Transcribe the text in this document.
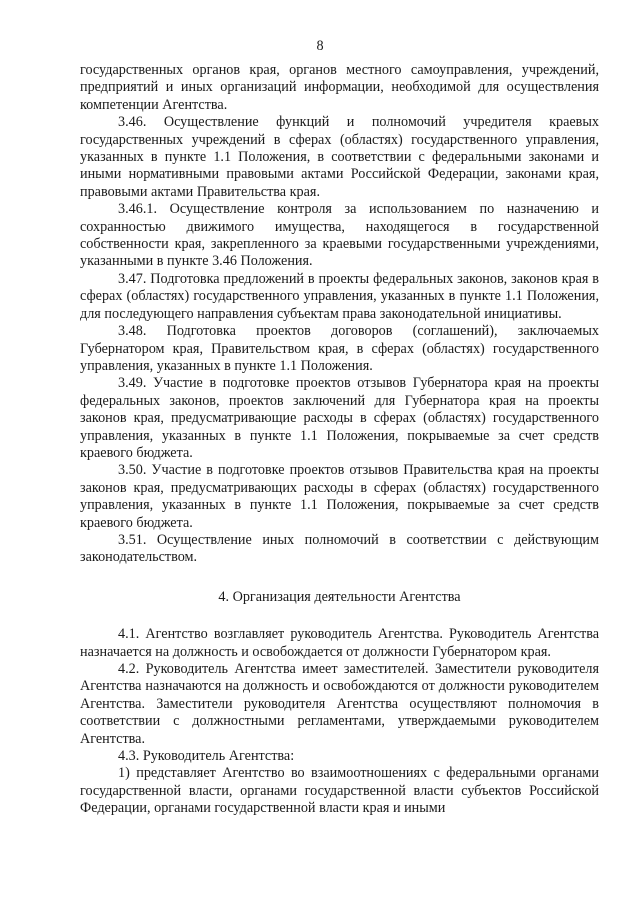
8

государственных органов края, органов местного самоуправления, учреждений, предприятий и иных организаций информации, необходимой для осуществления компетенции Агентства.

3.46. Осуществление функций и полномочий учредителя краевых государственных учреждений в сферах (областях) государственного управления, указанных в пункте 1.1 Положения, в соответствии с федеральными законами и иными нормативными правовыми актами Российской Федерации, законами края, правовыми актами Правительства края.

3.46.1. Осуществление контроля за использованием по назначению и сохранностью движимого имущества, находящегося в государственной собственности края, закрепленного за краевыми государственными учреждениями, указанными в пункте 3.46 Положения.

3.47. Подготовка предложений в проекты федеральных законов, законов края в сферах (областях) государственного управления, указанных в пункте 1.1 Положения, для последующего направления субъектам права законодательной инициативы.

3.48. Подготовка проектов договоров (соглашений), заключаемых Губернатором края, Правительством края, в сферах (областях) государственного управления, указанных в пункте 1.1 Положения.

3.49. Участие в подготовке проектов отзывов Губернатора края на проекты федеральных законов, проектов заключений для Губернатора края на проекты законов края, предусматривающие расходы в сферах (областях) государственного управления, указанных в пункте 1.1 Положения, покрываемые за счет средств краевого бюджета.

3.50. Участие в подготовке проектов отзывов Правительства края на проекты законов края, предусматривающих расходы в сферах (областях) государственного управления, указанных в пункте 1.1 Положения, покрываемые за счет средств краевого бюджета.

3.51. Осуществление иных полномочий в соответствии с действующим законодательством.

4. Организация деятельности Агентства

4.1. Агентство возглавляет руководитель Агентства. Руководитель Агентства назначается на должность и освобождается от должности Губернатором края.

4.2. Руководитель Агентства имеет заместителей. Заместители руководителя Агентства назначаются на должность и освобождаются от должности руководителем Агентства. Заместители руководителя Агентства осуществляют полномочия в соответствии с должностными регламентами, утверждаемыми руководителем Агентства.

4.3. Руководитель Агентства:

1) представляет Агентство во взаимоотношениях с федеральными органами государственной власти, органами государственной власти субъектов Российской Федерации, органами государственной власти края и иными
